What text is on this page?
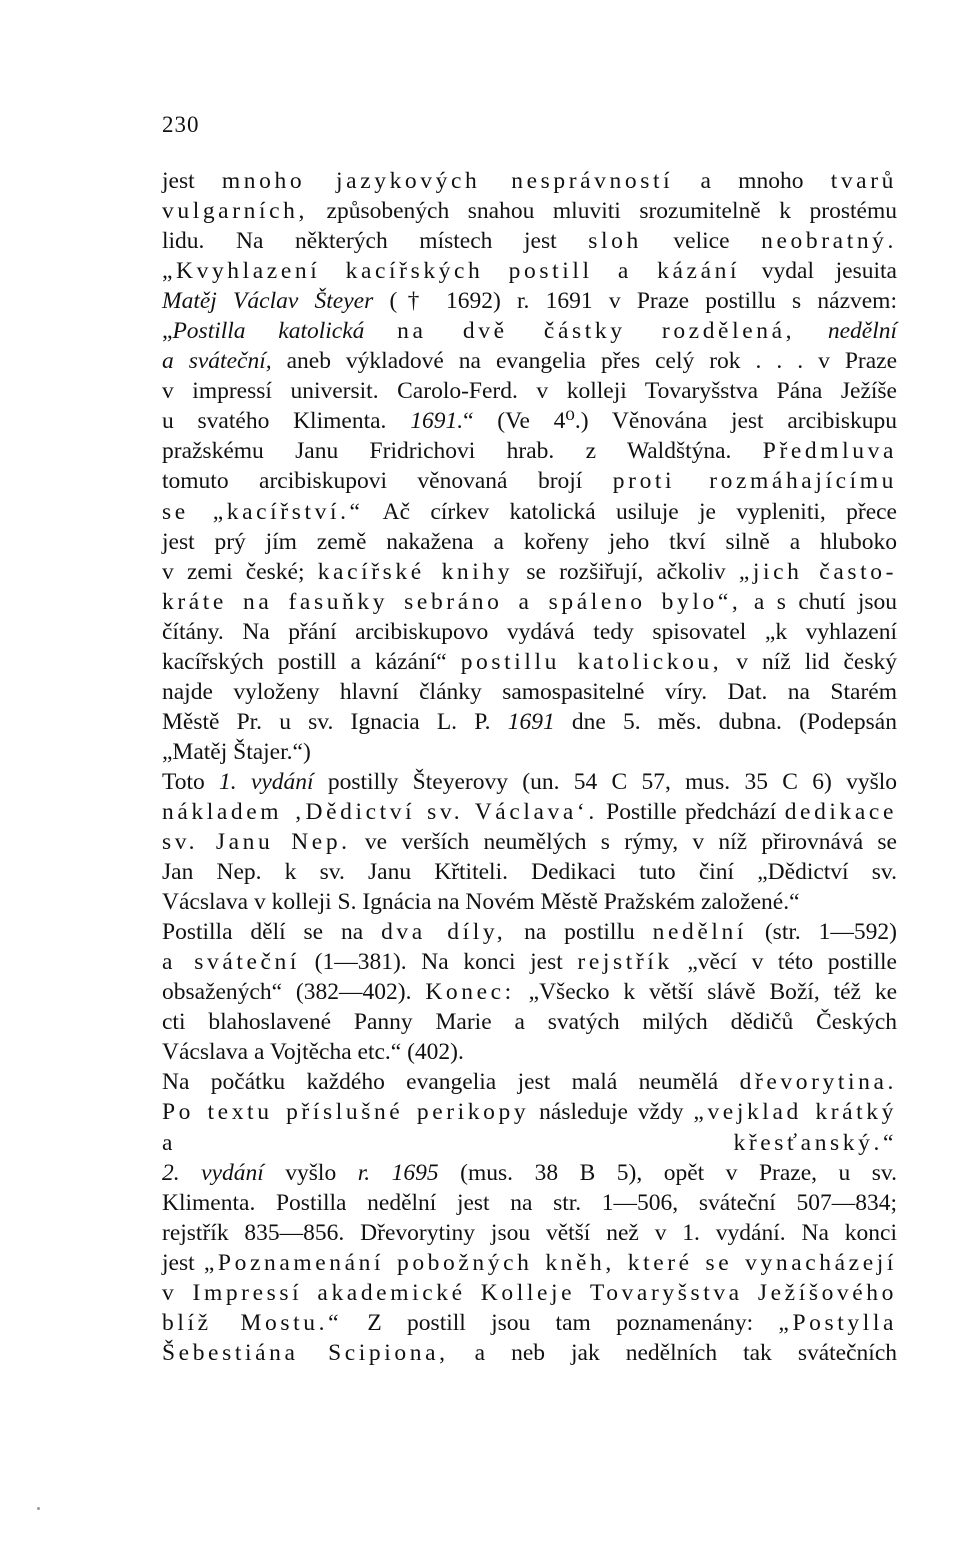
230
jest mnoho jazykových nesprávností a mnoho tvarů
vulgarních, způsobených snahou mluviti srozumitelně k prostému
lidu. Na některých místech jest sloh velice neobratný.
„Kvyhlazení kacířských postill a kázání vydal jesuita
Matěj Václav Šteyer († 1692) r. 1691 v Praze postillu s názvem:
„Postilla katolická na dvě částky rozdělená, nedělní
a sváteční, aneb výkladové na evangelia přes celý rok . . . v Praze
v impressí universit. Carolo-Ferd. v kolleji Tovaryšstva Pána Ježíše
u svatého Klimenta. 1691.“ (Ve 4⁰.) Věnována jest arcibiskupu
pražskému Janu Fridrichovi hrab. z Waldštýna. Předmluva
tomuto arcibiskupovi věnovaná brojí proti rozmáhajícímu
se „kacířství.“ Ač církev katolická usiluje je vypleniti, přece
jest prý jím země nakažena a kořeny jeho tkví silně a hluboko
v zemi české; kacířské knihy se rozšiřují, ačkoliv „jich často-
kráte na fasuňky sebráno a spáleno bylo“, a s chutí jsou
čítány. Na přání arcibiskupovo vydává tedy spisovatel „k vyhlazení
kacířských postill a kázání“ postillu katolickou, v níž lid český
najde vyloženy hlavní články samospasitelné víry. Dat. na Starém
Městě Pr. u sv. Ignacia L. P. 1691 dne 5. měs. dubna. (Podepsán
„Matěj Štajer.“)
Toto 1. vydání postilly Šteyerovy (un. 54 C 57, mus. 35 C 6) vyšlo
nákladem ‚Dědictví sv. Václava‘. Postille předchází dedikace
sv. Janu Nep. ve verších neumělých s rýmy, v níž přirovnává se
Jan Nep. k sv. Janu Křtiteli. Dedikaci tuto činí „Dědictví sv.
Vácslava v kolleji S. Ignácia na Novém Městě Pražském založené.“
Postilla dělí se na dva díly, na postillu nedělní (str. 1—592)
a sváteční (1—381). Na konci jest rejstřík „věcí v této postille
obsažených“ (382—402). Konec: „Všecko k větší slávě Boží, též ke
cti blahoslavené Panny Marie a svatých milých dědičů Českých
Vácslava a Vojtěcha etc.“ (402).
Na počátku každého evangelia jest malá neumělá dřevorytina.
Po textu příslušné perikopy následuje vždy „vejklad krátký
a křesťanský.“
2. vydání vyšlo r. 1695 (mus. 38 B 5), opět v Praze, u sv.
Klimenta. Postilla nedělní jest na str. 1—506, sváteční 507—834;
rejstřík 835—856. Dřevorytiny jsou větší než v 1. vydání. Na konci
jest „Poznamenání pobožných kněh, které se vynacházejí
v Impressí akademické Kolleje Tovaryšstva Ježíšového
blíž Mostu.“ Z postill jsou tam poznamenány: „Postylla
Šebestiána Scipiona, a neb jak nedělních tak svátečních
